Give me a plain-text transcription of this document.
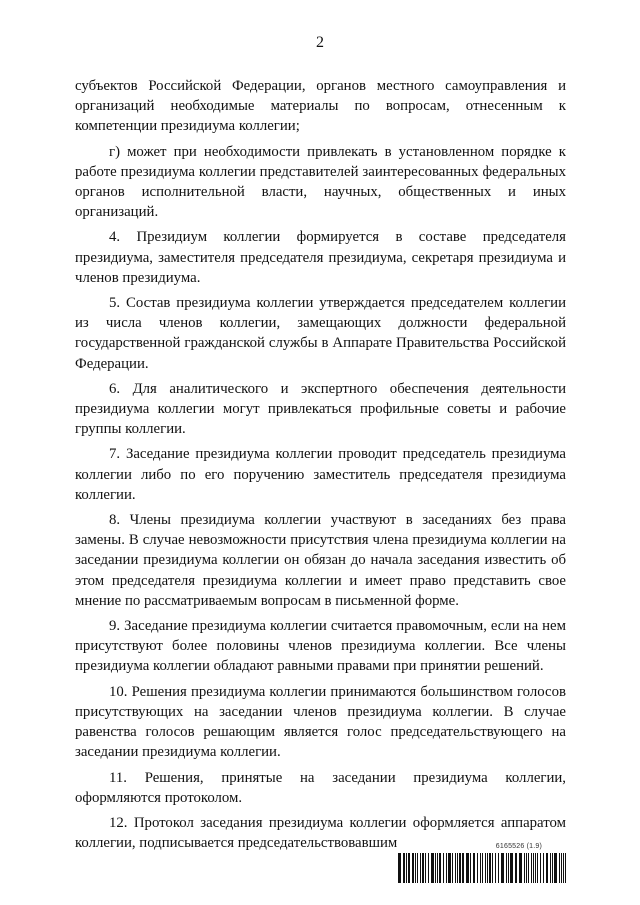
2

субъектов Российской Федерации, органов местного самоуправления и организаций необходимые материалы по вопросам, отнесенным к компетенции президиума коллегии;

г) может при необходимости привлекать в установленном порядке к работе президиума коллегии представителей заинтересованных федеральных органов исполнительной власти, научных, общественных и иных организаций.

4. Президиум коллегии формируется в составе председателя президиума, заместителя председателя президиума, секретаря президиума и членов президиума.

5. Состав президиума коллегии утверждается председателем коллегии из числа членов коллегии, замещающих должности федеральной государственной гражданской службы в Аппарате Правительства Российской Федерации.

6. Для аналитического и экспертного обеспечения деятельности президиума коллегии могут привлекаться профильные советы и рабочие группы коллегии.

7. Заседание президиума коллегии проводит председатель президиума коллегии либо по его поручению заместитель председателя президиума коллегии.

8. Члены президиума коллегии участвуют в заседаниях без права замены. В случае невозможности присутствия члена президиума коллегии на заседании президиума коллегии он обязан до начала заседания известить об этом председателя президиума коллегии и имеет право представить свое мнение по рассматриваемым вопросам в письменной форме.

9. Заседание президиума коллегии считается правомочным, если на нем присутствуют более половины членов президиума коллегии. Все члены президиума коллегии обладают равными правами при принятии решений.

10. Решения президиума коллегии принимаются большинством голосов присутствующих на заседании членов президиума коллегии. В случае равенства голосов решающим является голос председательствующего на заседании президиума коллегии.

11. Решения, принятые на заседании президиума коллегии, оформляются протоколом.

12. Протокол заседания президиума коллегии оформляется аппаратом коллегии, подписывается председательствовавшим	6165526 (1.9)
